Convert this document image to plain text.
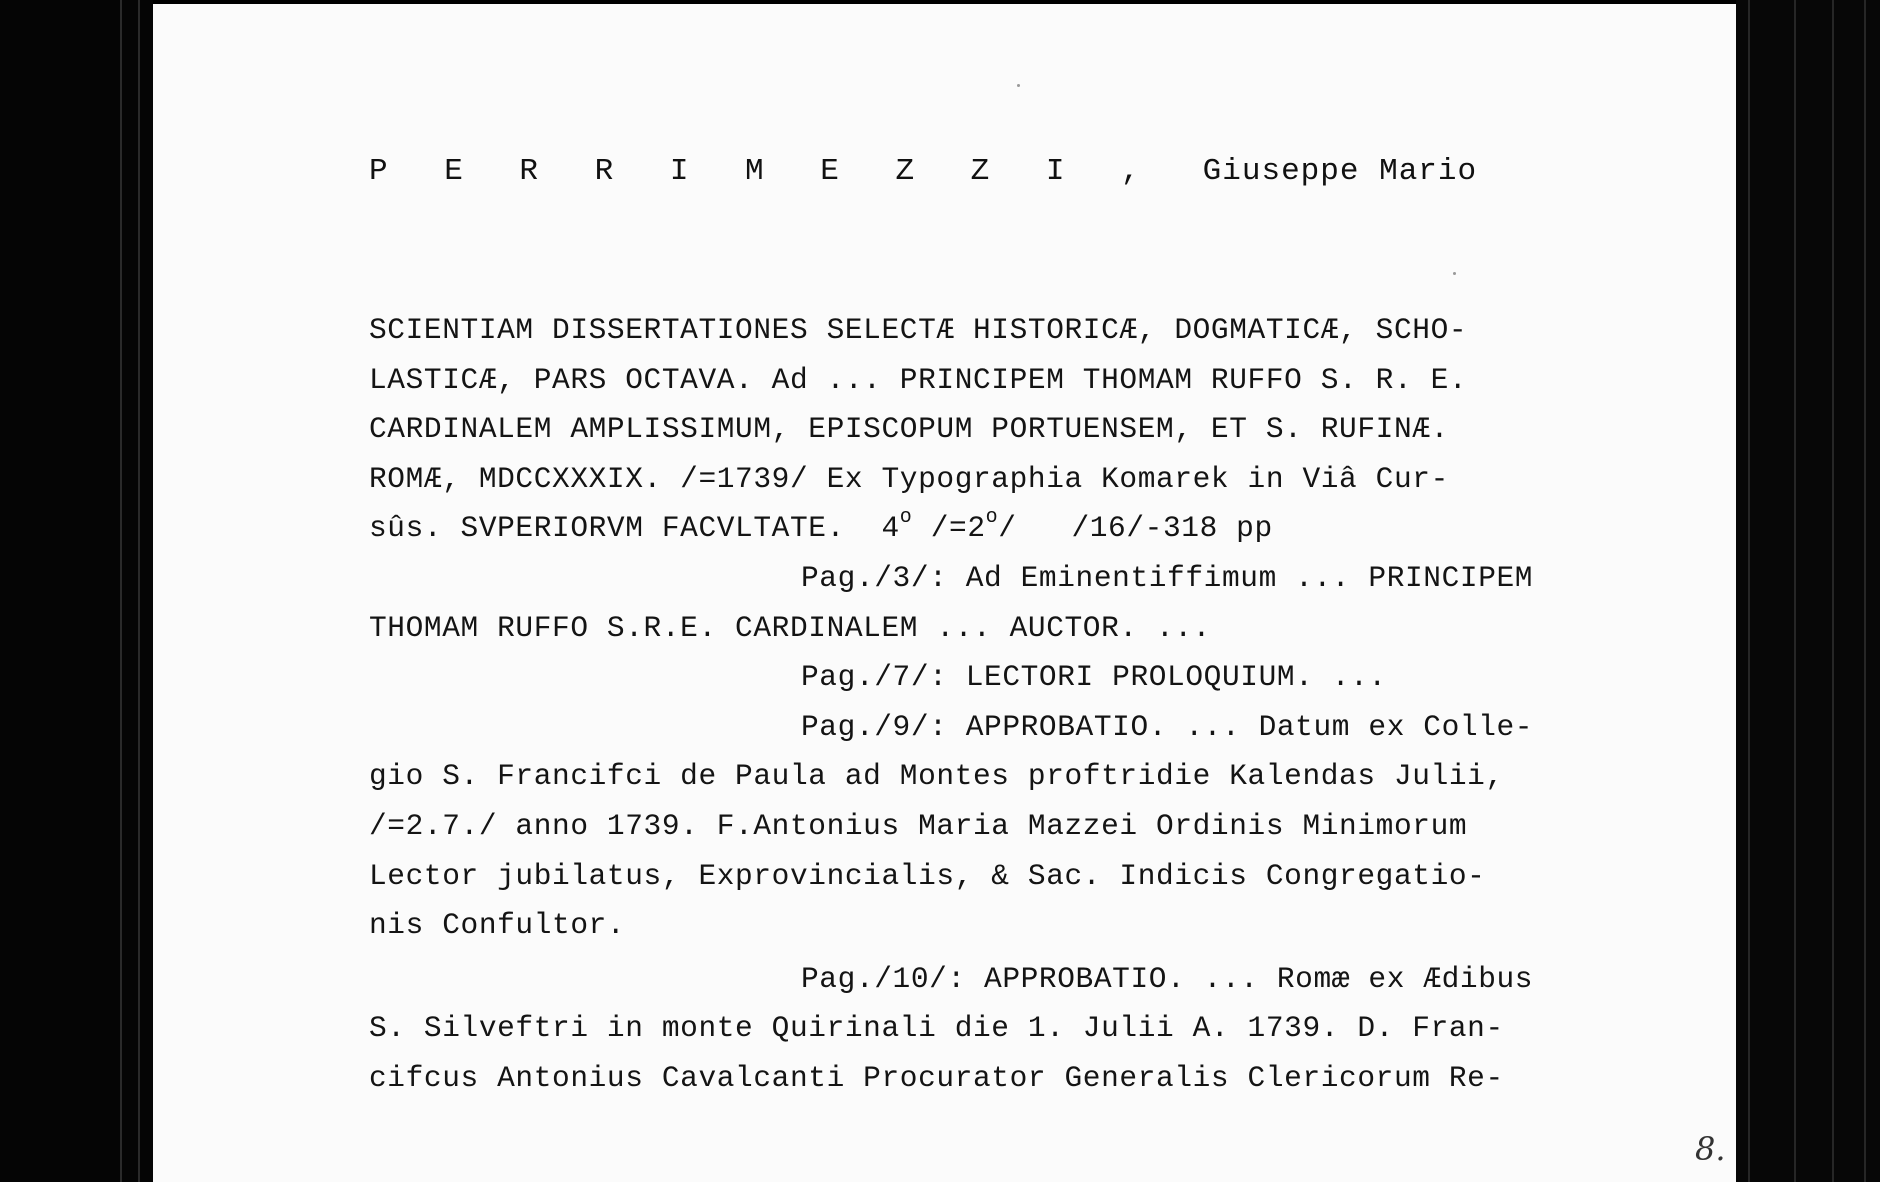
P E R R I M E Z Z I , Giuseppe Mario
SCIENTIAM DISSERTATIONES SELECTÆ HISTORICÆ, DOGMATICÆ, SCHO-
LASTICÆ, PARS OCTAVA. Ad ... PRINCIPEM THOMAM RUFFO S. R. E.
CARDINALEM AMPLISSIMUM, EPISCOPUM PORTUENSEM, ET S. RUFINÆ.
ROMÆ, MDCCXXXIX. /=1739/ Ex Typographia Komarek in Viâ Cur-
sûs. SVPERIORVM FACVLTATE. 4$^o$ $/=2^o/$   /16/-318 pp
Pag./3/: Ad Eminentiffimum ... PRINCIPEM
THOMAM RUFFO S.R.E. CARDINALEM ... AUCTOR. ...
Pag./7/: LECTORI PROLOQUIUM. ...
Pag./9/: APPROBATIO. ... Datum ex Colle-
gio S. Francifci de Paula ad Montes proftridie Kalendas Julii,
/=2.7./ anno 1739. F.Antonius Maria Mazzei Ordinis Minimorum
Lector jubilatus, Exprovincialis, & Sac. Indicis Congregatio-
nis Confultor.
Pag./10/: APPROBATIO. ... Romæ ex Ædibus
S. Silveftri in monte Quirinali die 1. Julii A. 1739. D. Fran-
cifcus Antonius Cavalcanti Procurator Generalis Clericorum Re-
8.
